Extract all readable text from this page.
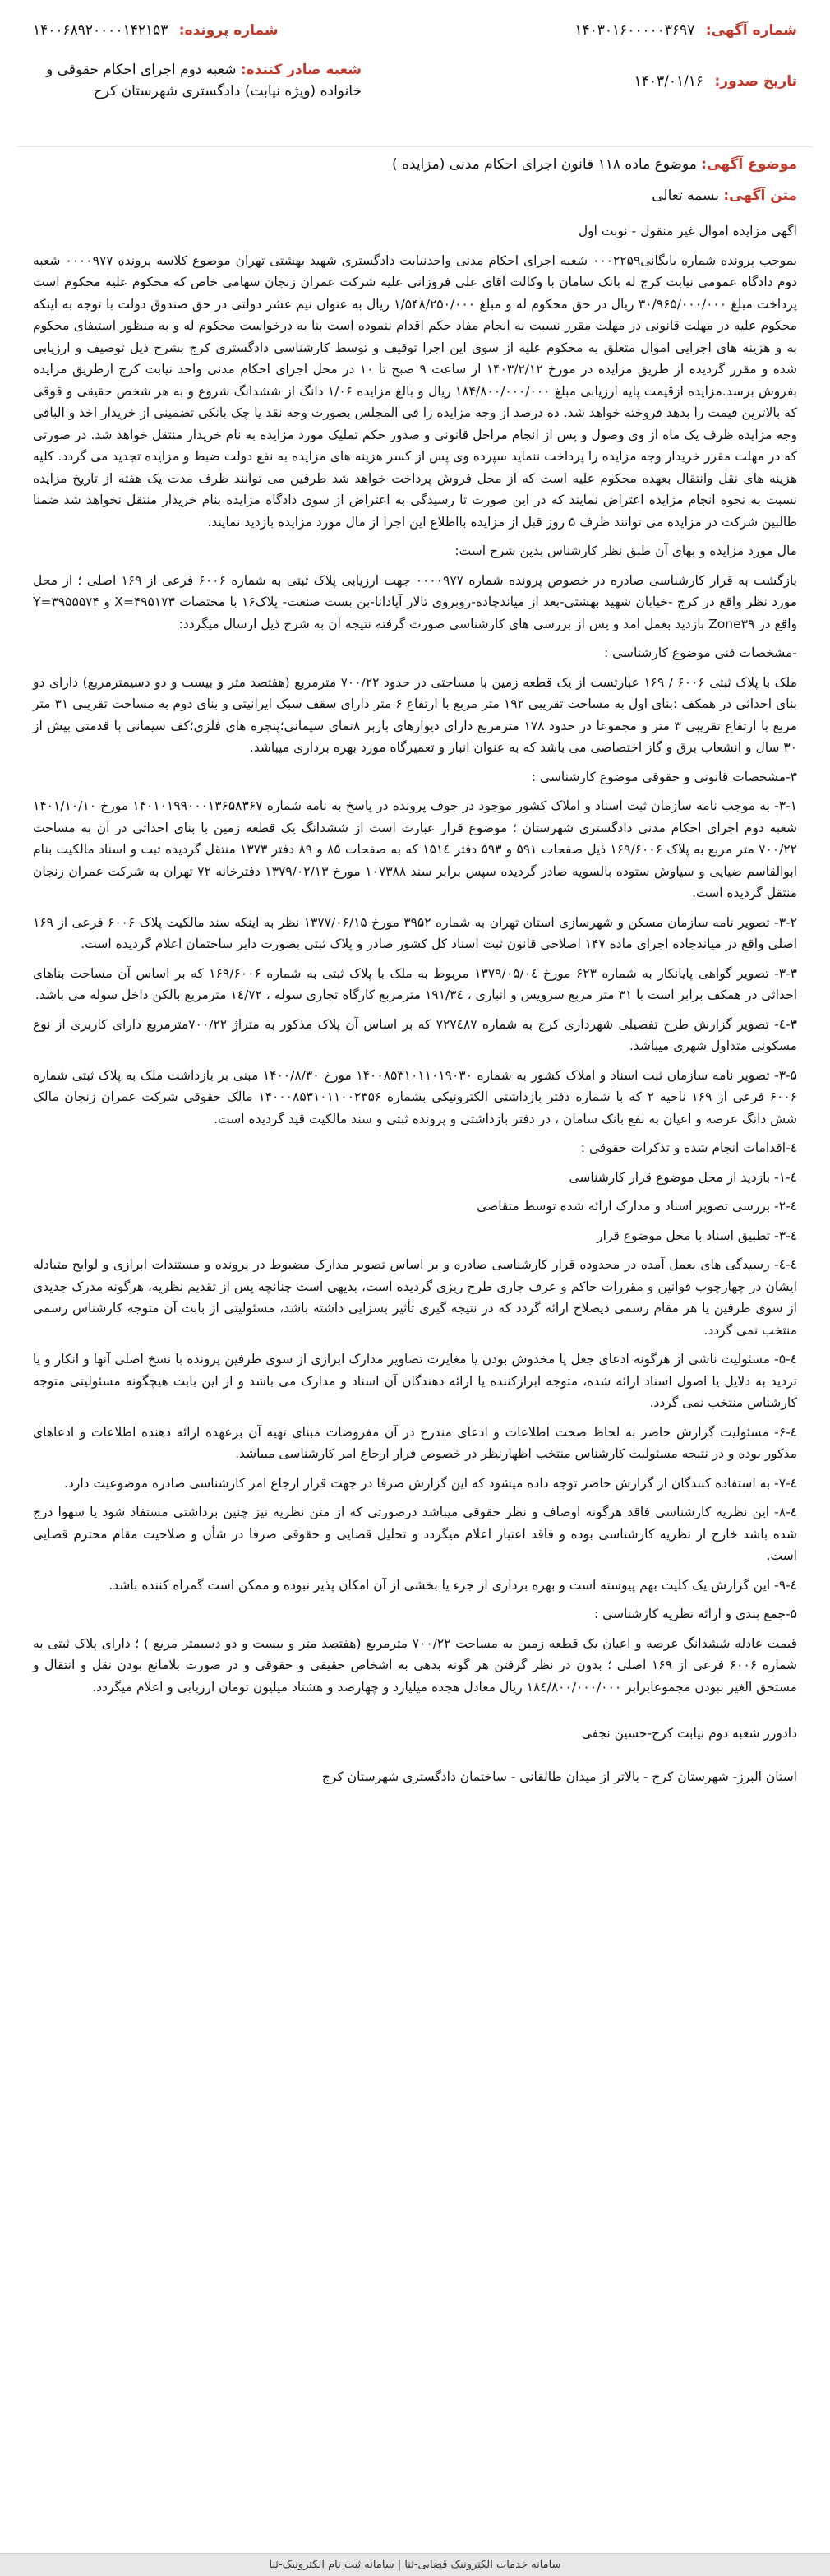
شماره آگهی: ۱۴۰۳۰۱۶۰۰۰۰۰۳۶۹۷
شماره پرونده: ۱۴۰۰۶۸۹۲۰۰۰۰۱۴۲۱۵۳
تاریخ صدور: ۱۴۰۳/۰۱/۱۶
شعبه صادر کننده: شعبه دوم اجرای احکام حقوقی و خانواده (ویژه نیابت) دادگستری شهرستان کرج
موضوع آگهی: موضوع ماده ۱۱۸ قانون اجرای احکام مدنی (مزایده )
متن آگهی: بسمه تعالی

اگهی مزایده اموال غیر منقول - نوبت اول

بموجب پرونده شماره بایگانی۰۰۰۲۲۵۹ شعبه اجرای احکام مدنی واحدنیابت دادگستری شهید بهشتی تهران موضوع کلاسه پرونده ۰۰۰۰۹۷۷ شعبه دوم دادگاه عمومی نیابت کرج له بانک سامان با وکالت آقای علی فروزانی علیه شرکت عمران زنجان سهامی خاص که محکوم علیه محکوم است پرداخت مبلغ ۳۰/۹۶۵/۰۰۰/۰۰۰ ریال در حق محکوم له و مبلغ ۱/۵۴۸/۲۵۰/۰۰۰ ریال به عنوان نیم عشر دولتی در حق صندوق دولت با توجه به اینکه محکوم علیه در مهلت قانونی در مهلت مقرر نسبت به انجام مفاد حکم اقدام ننموده است بنا به درخواست محکوم له و به منظور استیفای محکوم به و هزینه های اجرایی اموال متعلق به محکوم علیه از سوی این اجرا توقیف و توسط کارشناسی دادگستری کرج بشرح ذیل توصیف و ارزیابی شده و مقرر گردیده از طریق مزایده در مورخ ۱۴۰۳/۲/۱۲ از ساعت ۹ صبح تا ۱۰ در محل اجرای احکام مدنی واحد نیابت کرج ازطریق مزایده بفروش برسد.مزایده ازقیمت پایه ارزیابی مبلغ ۱۸۴/۸۰۰/۰۰۰/۰۰۰ ریال و بالغ مزایده ۱/۰۶ دانگ از ششدانگ شروع و به هر شخص حقیقی و قوقی که بالاترین قیمت را بدهد فروخته خواهد شد. ده درصد از وجه مزایده را فی المجلس بصورت وجه نقد یا چک بانکی تضمینی از خریدار اخذ و الباقی وجه مزایده ظرف یک ماه از وی وصول و پس از انجام مراحل قانونی و صدور حکم تملیک مورد مزایده به نام خریدار منتقل خواهد شد. در صورتی که در مهلت مقرر خریدار وجه مزایده را پرداخت ننماید سپرده وی پس از کسر هزینه های مزایده به نفع دولت ضبط و مزایده تجدید می گردد. کلیه هزینه های نقل وانتقال بعهده محکوم علیه است که از محل فروش پرداخت خواهد شد طرفین می توانند ظرف مدت یک هفته از تاریخ مزایده نسبت به نحوه انجام مزایده اعتراض نمایند که در این صورت تا رسیدگی به اعتراض از سوی دادگاه مزایده بنام خریدار منتقل نخواهد شد ضمنا طالبین شرکت در مزایده می توانند ظرف ۵ روز قبل از مزایده بااطلاع این اجرا از مال مورد مزایده بازدید نمایند.

مال مورد مزایده و بهای آن طبق نظر کارشناس بدین شرح است:

بازگشت به قرار کارشناسی صادره در خصوص پرونده شماره ۰۰۰۰۹۷۷ جهت ارزیابی پلاک ثبتی به شماره ۶۰۰۶ فرعی از ۱۶۹ اصلی ؛ از محل مورد نظر واقع در کرج -خیابان شهید بهشتی-بعد از میاندچاده-روبروی تالار آپادانا-بن بست صنعت- پلاک۱۶ با مختصات ۴۹۵۱۷۳=X و ۳۹۵۵۵۷۴=Y واقع در Zone۳۹ بازدید بعمل امد و پس از بررسی های کارشناسی صورت گرفته نتیجه آن به شرح ذیل ارسال میگردد:

-مشخصات فنی موضوع کارشناسی :

ملک با پلاک ثبتی ۶۰۰۶ / ۱۶۹ عبارتست از یک قطعه زمین با مساحتی در حدود ۷۰۰/۲۲ مترمربع (هفتصد متر و بیست و دو دسیمترمربع) دارای دو بنای احداثی در همکف :بنای اول به مساحت تقریبی ۱۹۲ متر مربع با ارتفاع ۶ متر دارای سقف سبک ایرانیتی و بنای دوم به مساحت تقریبی ۳۱ متر مربع با ارتفاع تقریبی ۳ متر و مجموعا در حدود ۱۷۸ مترمربع دارای دیوارهای باربر ۸نمای سیمانی؛پنجره های فلزی؛کف سیمانی با قدمتی بیش از ۳۰ سال و انشعاب برق و گاز اختصاصی می باشد که به عنوان انبار و تعمیرگاه مورد بهره برداری میباشد.

۳-مشخصات قانونی و حقوقی موضوع کارشناسی :

۳-۱- به موجب نامه سازمان ثبت اسناد و املاک کشور موجود در جوف پرونده در پاسخ به نامه شماره ۱۴۰۱۰۱۹۹۰۰۰۱۳۶۵۸۳۶۷ مورخ ۱۴۰۱/۱۰/۱۰ شعبه دوم اجرای احکام مدنی دادگستری شهرستان ؛ موضوع قرار عبارت است از ششدانگ یک قطعه زمین با بنای احداثی در آن به مساحت ۷۰۰/۲۲ متر مربع به پلاک ۱۶۹/۶۰۰۶ ذیل صفحات ۵۹۱ و ۵۹۳ دفتر ۱۵۱٤ که به صفحات ۸۵ و ۸۹ دفتر ۱۳۷۳ منتقل گردیده ثبت و اسناد مالکیت بنام ابوالقاسم ضیایی و سیاوش ستوده بالسویه صادر گردیده سپس برابر سند ۱۰۷۳۸۸ مورخ ۱۳۷۹/۰۲/۱۳ دفترخانه ۷۲ تهران به شرکت عمران زنجان منتقل گردیده است.

۳-۲- تصویر نامه سازمان مسکن و شهرسازی استان تهران به شماره ۳۹۵۲ مورخ ۱۳۷۷/۰۶/۱۵ نظر به اینکه سند مالکیت پلاک ۶۰۰۶ فرعی از ۱۶۹ اصلی واقع در میاندجاده اجرای ماده ۱۴۷ اصلاحی قانون ثبت اسناد کل کشور صادر و پلاک ثبتی بصورت دایر ساختمان اعلام گردیده است.

۳-۳- تصویر گواهی پایانکار به شماره ۶۲۳ مورخ ۱۳۷۹/۰۵/۰٤ مربوط به ملک با پلاک ثبتی به شماره ۱۶۹/۶۰۰۶ که بر اساس آن مساحت بناهای احداثی در همکف برابر است با ۳۱ متر مربع سرویس و انباری ، ۱۹۱/۳٤ مترمربع کارگاه تجاری سوله ، ۱٤/۷۲ مترمربع بالکن داخل سوله می باشد.

۳-٤- تصویر گزارش طرح تفصیلی شهرداری کرج به شماره ۷۲۷٤۸۷ که بر اساس آن پلاک مذکور به متراژ ۷۰۰/۲۲مترمربع دارای کاربری از نوع مسکونی متداول شهری میباشد.

۳-۵- تصویر نامه سازمان ثبت اسناد و املاک کشور به شماره ۱۴۰۰۸۵۳۱۰۱۱۰۱۹۰۳۰ مورخ ۱۴۰۰/۸/۳۰ مبنی بر بازداشت ملک به پلاک ثبتی شماره ۶۰۰۶ فرعی از ۱۶۹ ناحیه ۲ که با شماره دفتر بازداشتی الکترونیکی بشماره ۱۴۰۰۰۸۵۳۱۰۱۱۰۰۲۳۵۶ مالک حقوقی شرکت عمران زنجان مالک شش دانگ عرصه و اعیان به نفع بانک سامان ، در دفتر بازداشتی و پرونده ثبتی و سند مالکیت قید گردیده است.

٤-اقدامات انجام شده و تذکرات حقوقی :

٤-۱- بازدید از محل موضوع قرار کارشناسی

٤-۲- بررسی تصویر اسناد و مدارک ارائه شده توسط متقاضی

٤-۳- تطبیق اسناد با محل موضوع قرار

٤-٤- رسیدگی های بعمل آمده در محدوده قرار کارشناسی صادره و بر اساس تصویر مدارک مضبوط در پرونده و مستندات ابرازی و لوایح متبادله ایشان در چهارچوب قوانین و مقررات حاکم و عرف جاری طرح ریزی گردیده است، بدیهی است چنانچه پس از تقدیم نظریه، هرگونه مدرک جدیدی از سوی طرفین یا هر مقام رسمی ذیصلاح ارائه گردد که در نتیجه گیری تأثیر بسزایی داشته باشد، مسئولیتی از بابت آن متوجه کارشناس رسمی منتخب نمی گردد.

٤-۵- مسئولیت ناشی از هرگونه ادعای جعل یا مخدوش بودن یا مغایرت تصاویر مدارک ابرازی از سوی طرفین پرونده با نسخ اصلی آنها و انکار و یا تردید به دلایل یا اصول اسناد ارائه شده، متوجه ابرازکننده یا ارائه دهندگان آن اسناد و مدارک می باشد و از این بابت هیچگونه مسئولیتی متوجه کارشناس منتخب نمی گردد.

٤-۶- مسئولیت گزارش حاضر به لحاظ صحت اطلاعات و ادعای مندرج در آن مفروضات مبنای تهیه آن برعهده ارائه دهنده اطلاعات و ادعاهای مذکور بوده و در نتیجه مسئولیت کارشناس منتخب اظهارنظر در خصوص قرار ارجاع امر کارشناسی میباشد.

٤-۷- به استفاده کنندگان از گزارش حاضر توجه داده میشود که این گزارش صرفا در جهت قرار ارجاع امر کارشناسی صادره موضوعیت دارد.

٤-۸- این نظریه کارشناسی فاقد هرگونه اوصاف و نظر حقوقی میباشد درصورتی که از متن نظریه نیز چنین برداشتی مستفاد شود یا سهوا درج شده باشد خارج از نظریه کارشناسی بوده و فاقد اعتبار اعلام میگردد و تحلیل قضایی و حقوقی صرفا در شأن و صلاحیت مقام محترم قضایی است.

٤-۹- این گزارش یک کلیت بهم پیوسته است و بهره برداری از جزء یا بخشی از آن امکان پذیر نبوده و ممکن است گمراه کننده باشد.

۵-جمع بندی و ارائه نظریه کارشناسی :

قیمت عادله ششدانگ عرصه و اعیان یک قطعه زمین به مساحت ۷۰۰/۲۲ مترمربع (هفتصد متر و بیست و دو دسیمتر مربع ) ؛ دارای پلاک ثبتی به شماره ۶۰۰۶ فرعی از ۱۶۹ اصلی ؛ بدون در نظر گرفتن هر گونه بدهی به اشخاص حقیقی و حقوقی و در صورت بلامانع بودن نقل و انتقال و مستحق الغیر نبودن مجموعابرابر ۱۸٤/۸۰۰/۰۰۰/۰۰۰ ریال معادل هجده میلیارد و چهارصد و هشتاد میلیون تومان ارزیابی و اعلام میگردد.

دادورز شعبه دوم نیابت کرج-حسین نجفی

استان البرز- شهرستان کرج - بالاتر از میدان طالقانی - ساختمان دادگستری شهرستان کرج

سامانه خدمات الکترونیک قضایی-ثنا | سامانه ثبت نام الکترونیک-ثنا
